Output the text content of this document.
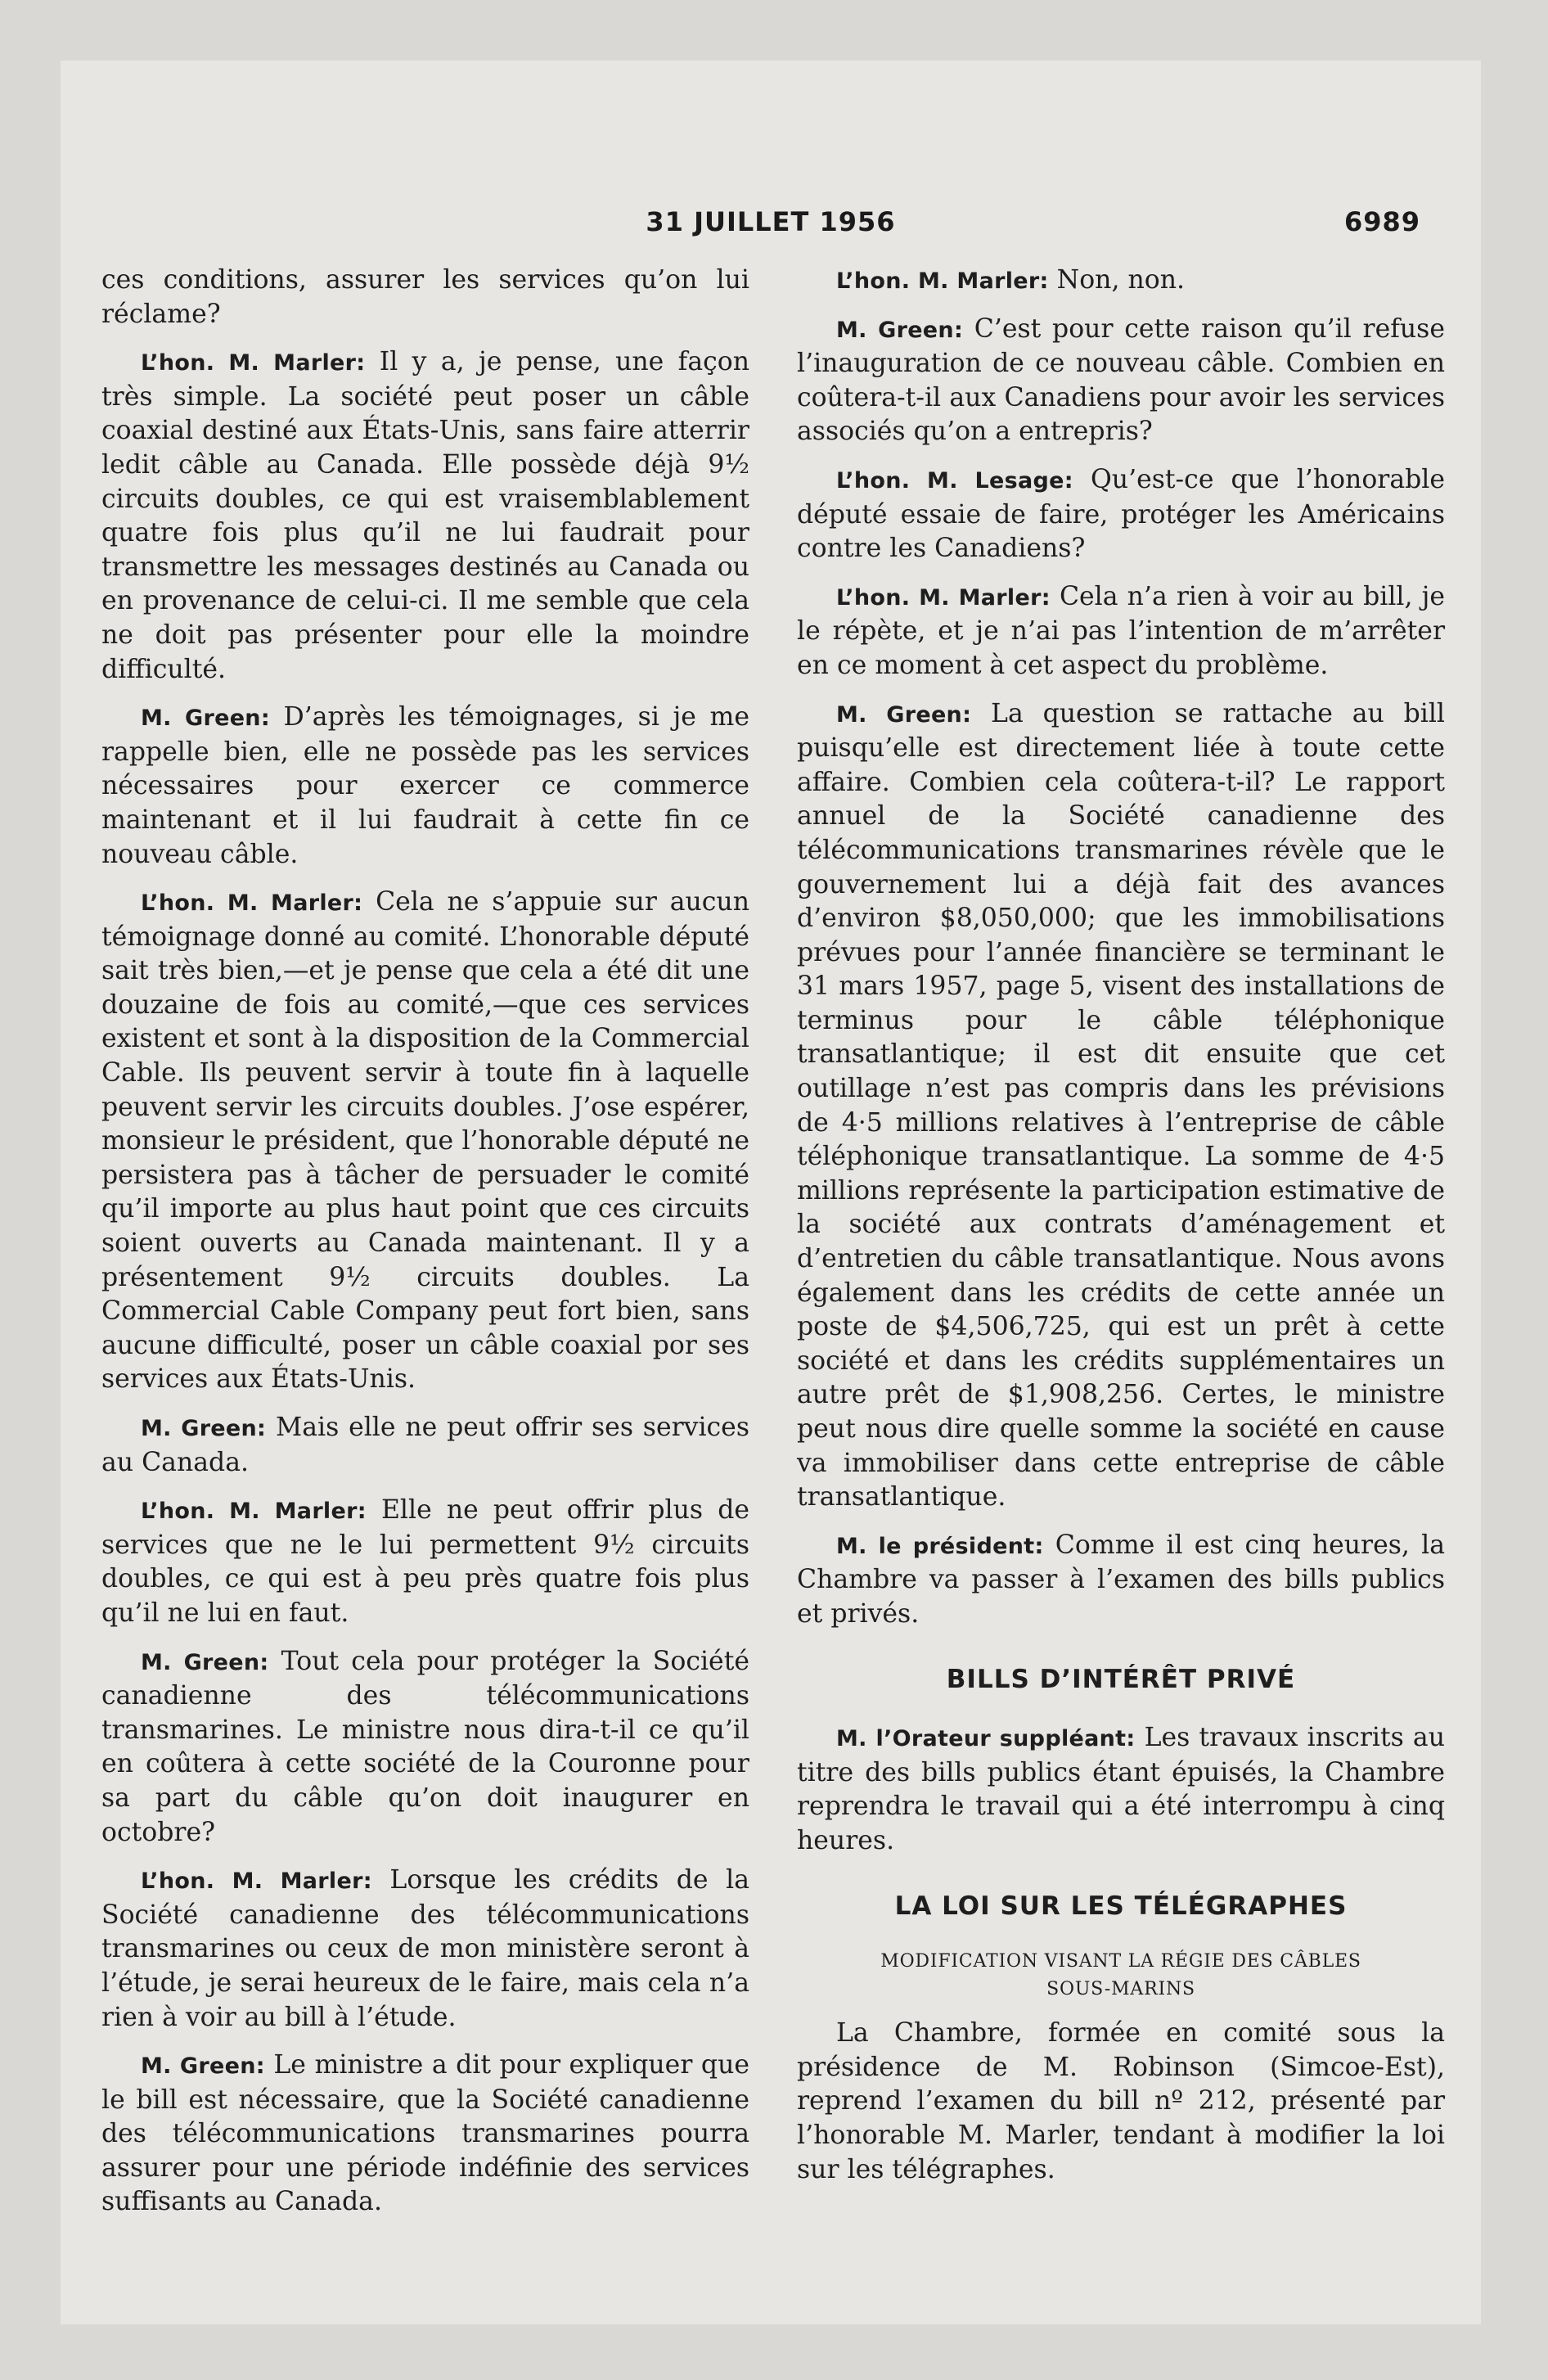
31 JUILLET 1956	6989

ces conditions, assurer les services qu’on lui réclame?

L’hon. M. Marler: Il y a, je pense, une façon très simple. La société peut poser un câble coaxial destiné aux États-Unis, sans faire atterrir ledit câble au Canada. Elle possède déjà 9½ circuits doubles, ce qui est vraisemblablement quatre fois plus qu’il ne lui faudrait pour transmettre les messages destinés au Canada ou en provenance de celui-ci. Il me semble que cela ne doit pas présenter pour elle la moindre difficulté.

M. Green: D’après les témoignages, si je me rappelle bien, elle ne possède pas les services nécessaires pour exercer ce commerce maintenant et il lui faudrait à cette fin ce nouveau câble.

L’hon. M. Marler: Cela ne s’appuie sur aucun témoignage donné au comité. L’honorable député sait très bien,—et je pense que cela a été dit une douzaine de fois au comité,—que ces services existent et sont à la disposition de la Commercial Cable. Ils peuvent servir à toute fin à laquelle peuvent servir les circuits doubles. J’ose espérer, monsieur le président, que l’honorable député ne persistera pas à tâcher de persuader le comité qu’il importe au plus haut point que ces circuits soient ouverts au Canada maintenant. Il y a présentement 9½ circuits doubles. La Commercial Cable Company peut fort bien, sans aucune difficulté, poser un câble coaxial por ses services aux États-Unis.

M. Green: Mais elle ne peut offrir ses services au Canada.

L’hon. M. Marler: Elle ne peut offrir plus de services que ne le lui permettent 9½ circuits doubles, ce qui est à peu près quatre fois plus qu’il ne lui en faut.

M. Green: Tout cela pour protéger la Société canadienne des télécommunications transmarines. Le ministre nous dira-t-il ce qu’il en coûtera à cette société de la Couronne pour sa part du câble qu’on doit inaugurer en octobre?

L’hon. M. Marler: Lorsque les crédits de la Société canadienne des télécommunications transmarines ou ceux de mon ministère seront à l’étude, je serai heureux de le faire, mais cela n’a rien à voir au bill à l’étude.

M. Green: Le ministre a dit pour expliquer que le bill est nécessaire, que la Société canadienne des télécommunications transmarines pourra assurer pour une période indéfinie des services suffisants au Canada.

L’hon. M. Marler: Non, non.

M. Green: C’est pour cette raison qu’il refuse l’inauguration de ce nouveau câble. Combien en coûtera-t-il aux Canadiens pour avoir les services associés qu’on a entrepris?

L’hon. M. Lesage: Qu’est-ce que l’honorable député essaie de faire, protéger les Américains contre les Canadiens?

L’hon. M. Marler: Cela n’a rien à voir au bill, je le répète, et je n’ai pas l’intention de m’arrêter en ce moment à cet aspect du problème.

M. Green: La question se rattache au bill puisqu’elle est directement liée à toute cette affaire. Combien cela coûtera-t-il? Le rapport annuel de la Société canadienne des télécommunications transmarines révèle que le gouvernement lui a déjà fait des avances d’environ $8,050,000; que les immobilisations prévues pour l’année financière se terminant le 31 mars 1957, page 5, visent des installations de terminus pour le câble téléphonique transatlantique; il est dit ensuite que cet outillage n’est pas compris dans les prévisions de 4·5 millions relatives à l’entreprise de câble téléphonique transatlantique. La somme de 4·5 millions représente la participation estimative de la société aux contrats d’aménagement et d’entretien du câble transatlantique. Nous avons également dans les crédits de cette année un poste de $4,506,725, qui est un prêt à cette société et dans les crédits supplémentaires un autre prêt de $1,908,256. Certes, le ministre peut nous dire quelle somme la société en cause va immobiliser dans cette entreprise de câble transatlantique.

M. le président: Comme il est cinq heures, la Chambre va passer à l’examen des bills publics et privés.

BILLS D’INTÉRÊT PRIVÉ

M. l’Orateur suppléant: Les travaux inscrits au titre des bills publics étant épuisés, la Chambre reprendra le travail qui a été interrompu à cinq heures.

LA LOI SUR LES TÉLÉGRAPHES
MODIFICATION VISANT LA RÉGIE DES CÂBLES
SOUS-MARINS

La Chambre, formée en comité sous la présidence de M. Robinson (Simcoe-Est), reprend l’examen du bill nº 212, présenté par l’honorable M. Marler, tendant à modifier la loi sur les télégraphes.
